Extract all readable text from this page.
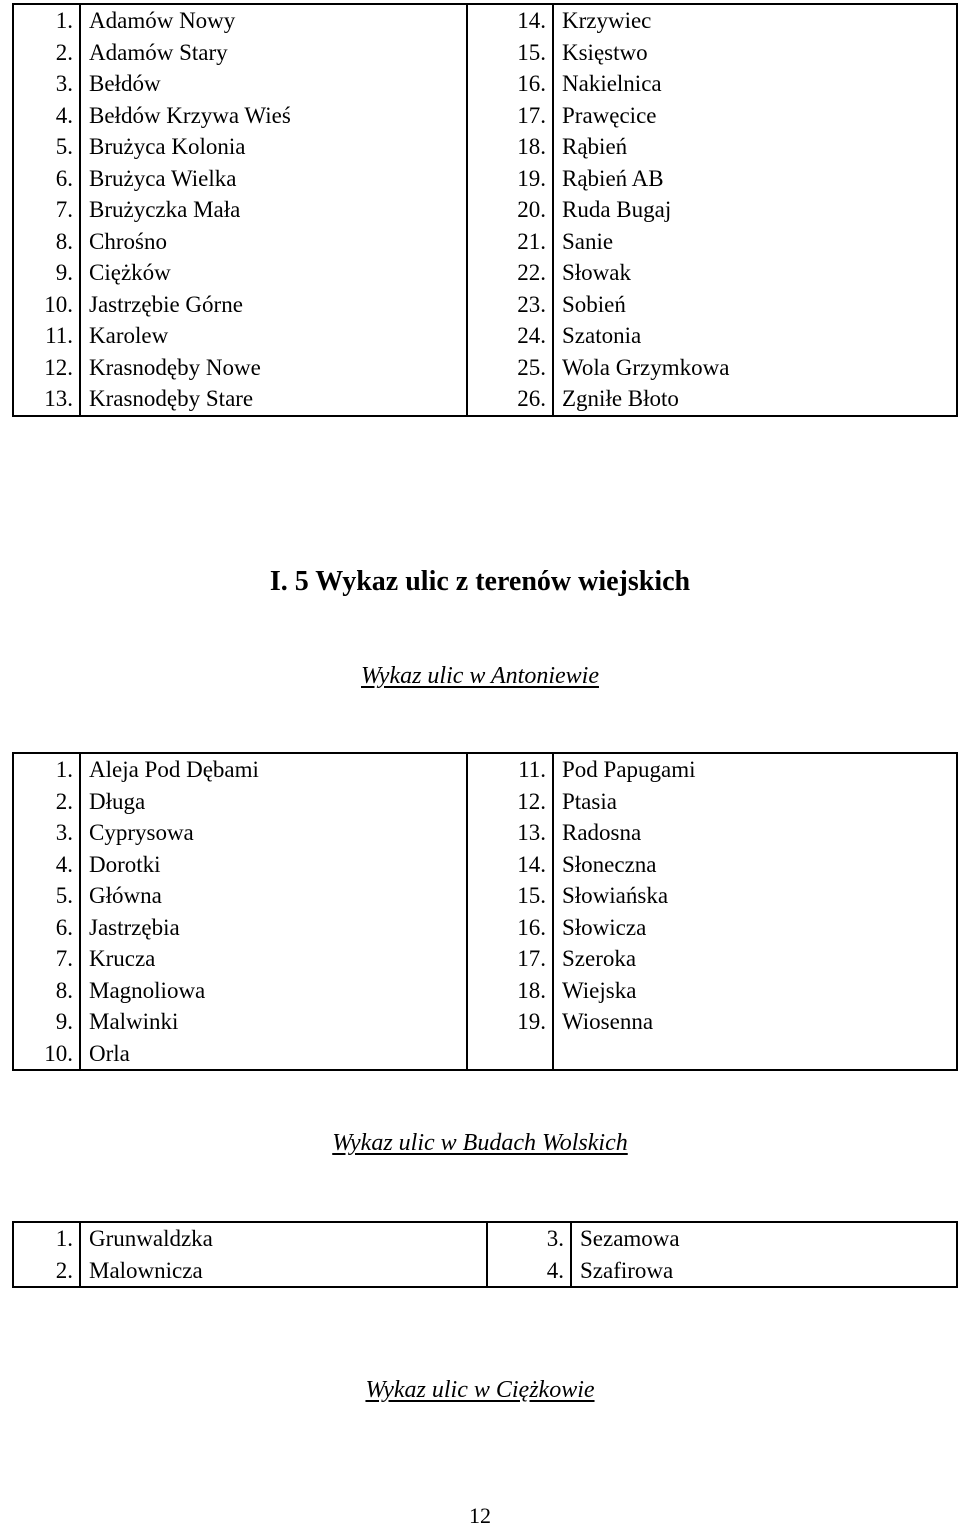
1.	Adamów Nowy	14.	Krzywiec
2.	Adamów Stary	15.	Księstwo
3.	Bełdów	16.	Nakielnica
4.	Bełdów Krzywa Wieś	17.	Prawęcice
5.	Brużyca Kolonia	18.	Rąbień
6.	Brużyca Wielka	19.	Rąbień AB
7.	Brużyczka Mała	20.	Ruda Bugaj
8.	Chrośno	21.	Sanie
9.	Ciężków	22.	Słowak
10.	Jastrzębie Górne	23.	Sobień
11.	Karolew	24.	Szatonia
12.	Krasnodęby Nowe	25.	Wola Grzymkowa
13.	Krasnodęby Stare	26.	Zgniłe Błoto
I. 5 Wykaz ulic z terenów wiejskich
Wykaz ulic w Antoniewie
1.	Aleja Pod Dębami	11.	Pod Papugami
2.	Długa	12.	Ptasia
3.	Cyprysowa	13.	Radosna
4.	Dorotki	14.	Słoneczna
5.	Główna	15.	Słowiańska
6.	Jastrzębia	16.	Słowicza
7.	Krucza	17.	Szeroka
8.	Magnoliowa	18.	Wiejska
9.	Malwinki	19.	Wiosenna
10.	Orla		
Wykaz ulic w Budach Wolskich
1.	Grunwaldzka	3.	Sezamowa
2.	Malownicza	4.	Szafirowa
Wykaz ulic w Ciężkowie
12
